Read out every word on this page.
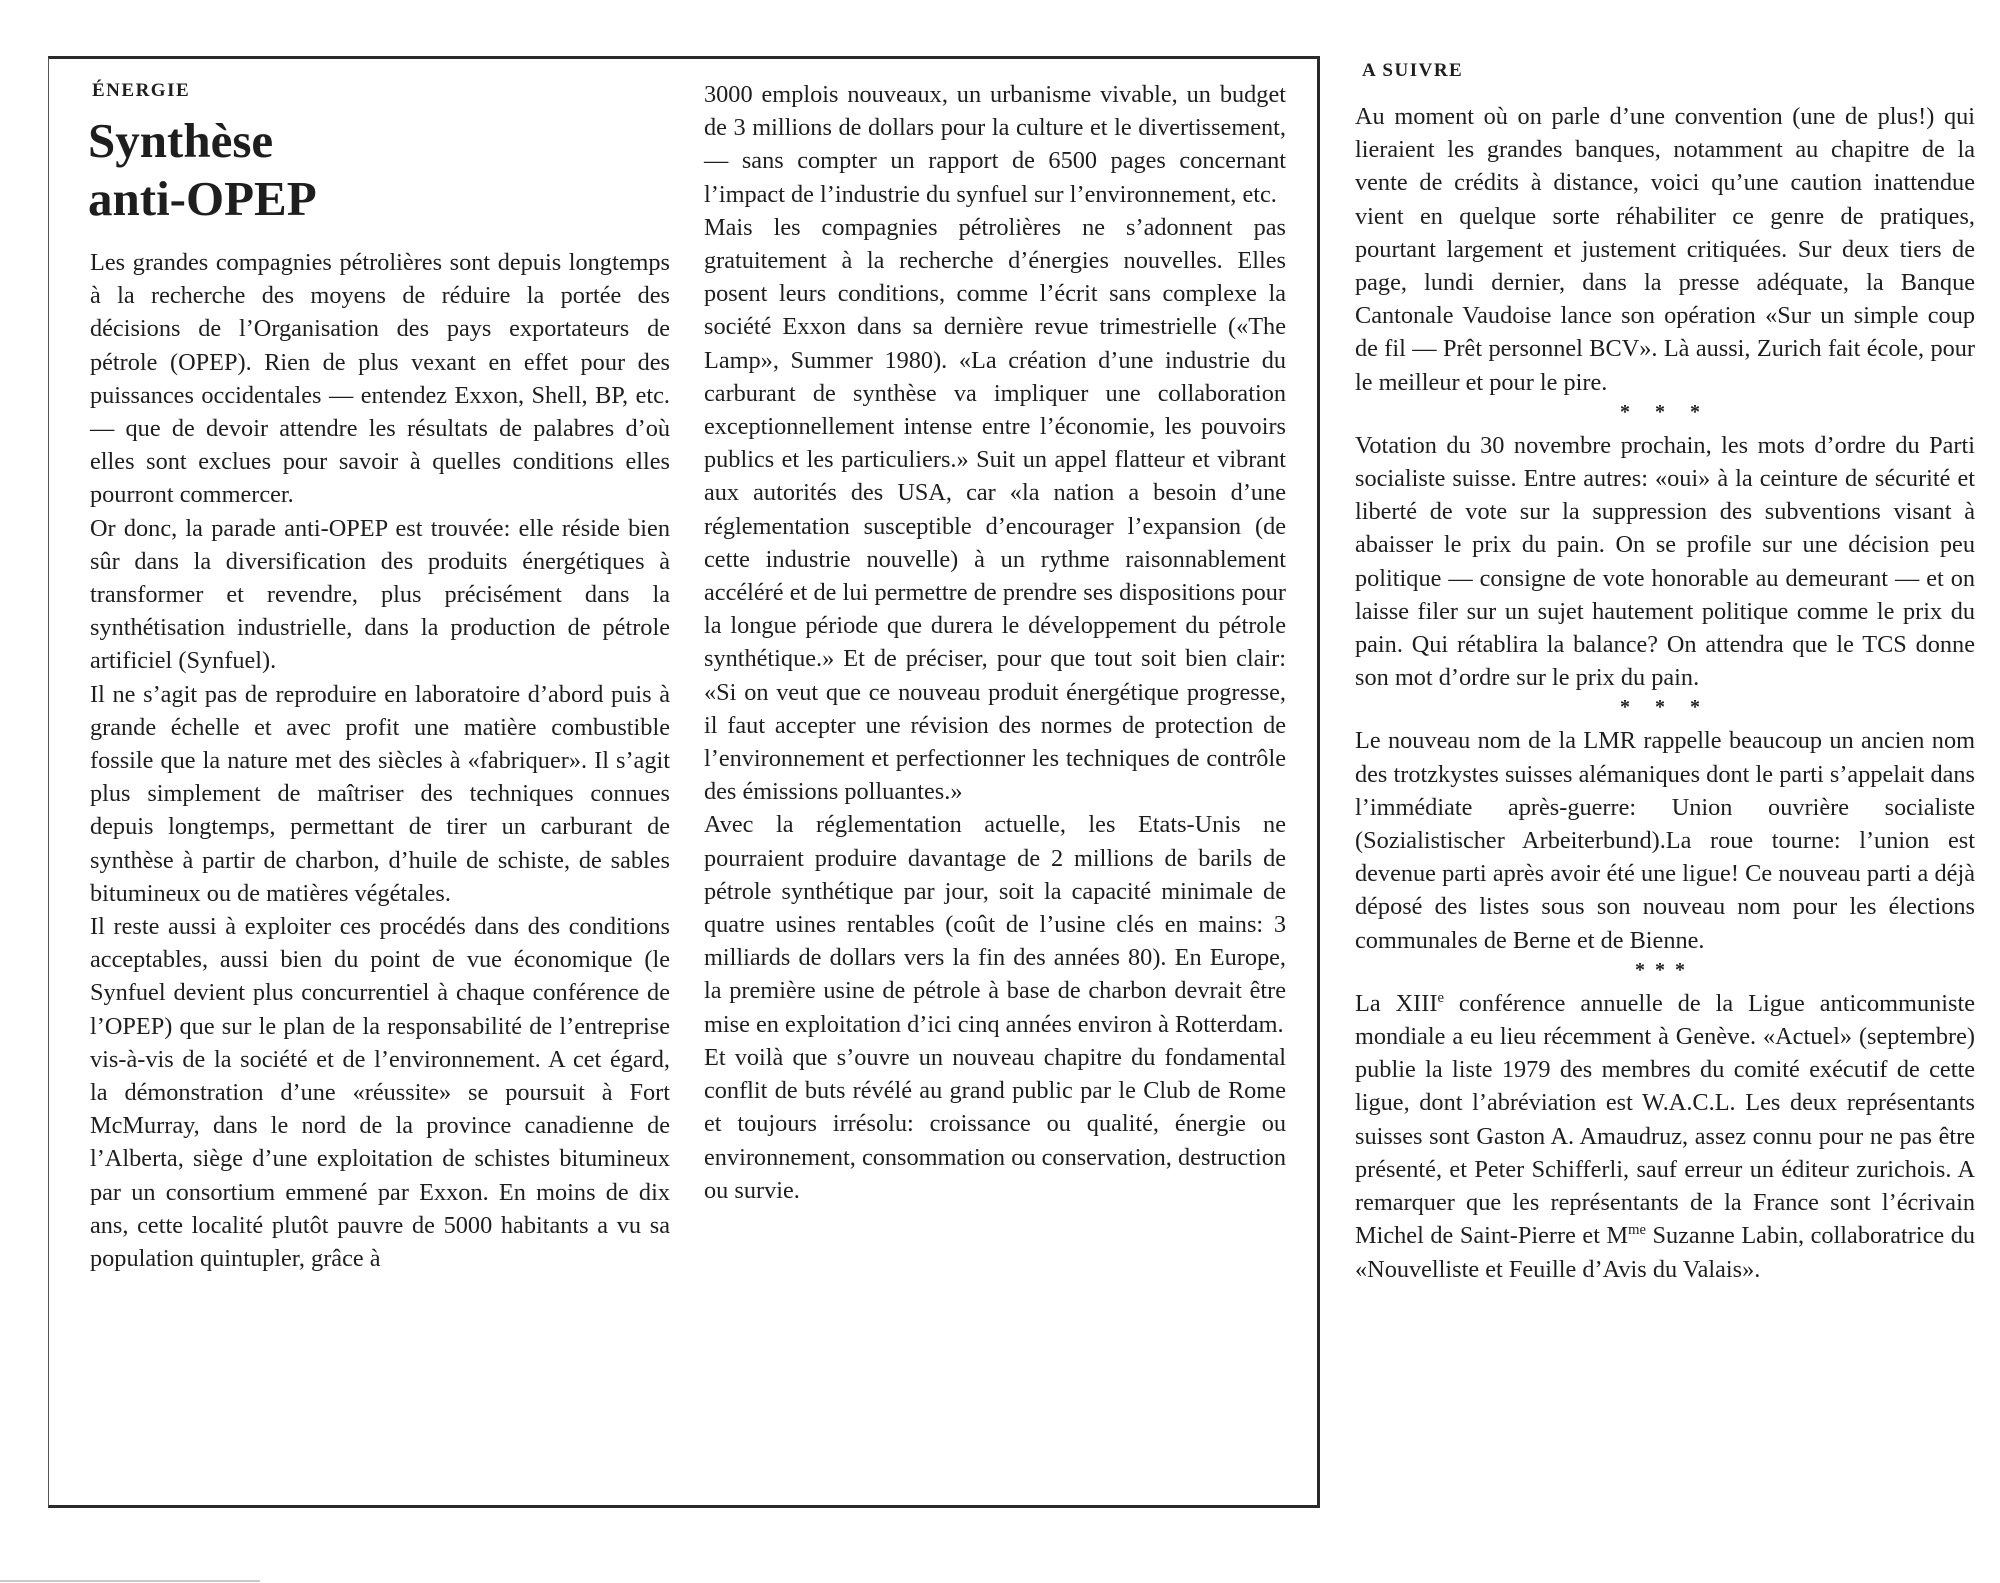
ÉNERGIE
Synthèse
anti-OPEP

Les grandes compagnies pétrolières sont depuis longtemps à la recherche des moyens de réduire la portée des décisions de l’Organisation des pays exportateurs de pétrole (OPEP). Rien de plus vexant en effet pour des puissances occidentales — entendez Exxon, Shell, BP, etc. — que de devoir attendre les résultats de palabres d’où elles sont exclues pour savoir à quelles conditions elles pourront commercer.

Or donc, la parade anti-OPEP est trouvée: elle réside bien sûr dans la diversification des produits énergétiques à transformer et revendre, plus précisément dans la synthétisation industrielle, dans la production de pétrole artificiel (Synfuel).

Il ne s’agit pas de reproduire en laboratoire d’abord puis à grande échelle et avec profit une matière combustible fossile que la nature met des siècles à «fabriquer». Il s’agit plus simplement de maîtriser des techniques connues depuis longtemps, permettant de tirer un carburant de synthèse à partir de charbon, d’huile de schiste, de sables bitumineux ou de matières végétales.

Il reste aussi à exploiter ces procédés dans des conditions acceptables, aussi bien du point de vue économique (le Synfuel devient plus concurrentiel à chaque conférence de l’OPEP) que sur le plan de la responsabilité de l’entreprise vis-à-vis de la société et de l’environnement. A cet égard, la démonstration d’une «réussite» se poursuit à Fort McMurray, dans le nord de la province canadienne de l’Alberta, siège d’une exploitation de schistes bitumineux par un consortium emmené par Exxon. En moins de dix ans, cette localité plutôt pauvre de 5000 habitants a vu sa population quintupler, grâce à

3000 emplois nouveaux, un urbanisme vivable, un budget de 3 millions de dollars pour la culture et le divertissement, — sans compter un rapport de 6500 pages concernant l’impact de l’industrie du synfuel sur l’environnement, etc.

Mais les compagnies pétrolières ne s’adonnent pas gratuitement à la recherche d’énergies nouvelles. Elles posent leurs conditions, comme l’écrit sans complexe la société Exxon dans sa dernière revue trimestrielle («The Lamp», Summer 1980). «La création d’une industrie du carburant de synthèse va impliquer une collaboration exceptionnellement intense entre l’économie, les pouvoirs publics et les particuliers.» Suit un appel flatteur et vibrant aux autorités des USA, car «la nation a besoin d’une réglementation susceptible d’encourager l’expansion (de cette industrie nouvelle) à un rythme raisonnablement accéléré et de lui permettre de prendre ses dispositions pour la longue période que durera le développement du pétrole synthétique.» Et de préciser, pour que tout soit bien clair: «Si on veut que ce nouveau produit énergétique progresse, il faut accepter une révision des normes de protection de l’environnement et perfectionner les techniques de contrôle des émissions polluantes.»

Avec la réglementation actuelle, les Etats-Unis ne pourraient produire davantage de 2 millions de barils de pétrole synthétique par jour, soit la capacité minimale de quatre usines rentables (coût de l’usine clés en mains: 3 milliards de dollars vers la fin des années 80). En Europe, la première usine de pétrole à base de charbon devrait être mise en exploitation d’ici cinq années environ à Rotterdam.

Et voilà que s’ouvre un nouveau chapitre du fondamental conflit de buts révélé au grand public par le Club de Rome et toujours irrésolu: croissance ou qualité, énergie ou environnement, consommation ou conservation, destruction ou survie.

A SUIVRE

Au moment où on parle d’une convention (une de plus!) qui lieraient les grandes banques, notamment au chapitre de la vente de crédits à distance, voici qu’une caution inattendue vient en quelque sorte réhabiliter ce genre de pratiques, pourtant largement et justement critiquées. Sur deux tiers de page, lundi dernier, dans la presse adéquate, la Banque Cantonale Vaudoise lance son opération «Sur un simple coup de fil — Prêt personnel BCV». Là aussi, Zurich fait école, pour le meilleur et pour le pire.

* * *

Votation du 30 novembre prochain, les mots d’ordre du Parti socialiste suisse. Entre autres: «oui» à la ceinture de sécurité et liberté de vote sur la suppression des subventions visant à abaisser le prix du pain. On se profile sur une décision peu politique — consigne de vote honorable au demeurant — et on laisse filer sur un sujet hautement politique comme le prix du pain. Qui rétablira la balance? On attendra que le TCS donne son mot d’ordre sur le prix du pain.

* * *

Le nouveau nom de la LMR rappelle beaucoup un ancien nom des trotzkystes suisses alémaniques dont le parti s’appelait dans l’immédiate après-guerre: Union ouvrière socialiste (Sozialistischer Arbeiterbund).La roue tourne: l’union est devenue parti après avoir été une ligue! Ce nouveau parti a déjà déposé des listes sous son nouveau nom pour les élections communales de Berne et de Bienne.

***

La XIIIe conférence annuelle de la Ligue anticommuniste mondiale a eu lieu récemment à Genève. «Actuel» (septembre) publie la liste 1979 des membres du comité exécutif de cette ligue, dont l’abréviation est W.A.C.L. Les deux représentants suisses sont Gaston A. Amaudruz, assez connu pour ne pas être présenté, et Peter Schifferli, sauf erreur un éditeur zurichois. A remarquer que les représentants de la France sont l’écrivain Michel de Saint-Pierre et $M^{me}$ Suzanne Labin, collaboratrice du «Nouvelliste et Feuille d’Avis du Valais».
